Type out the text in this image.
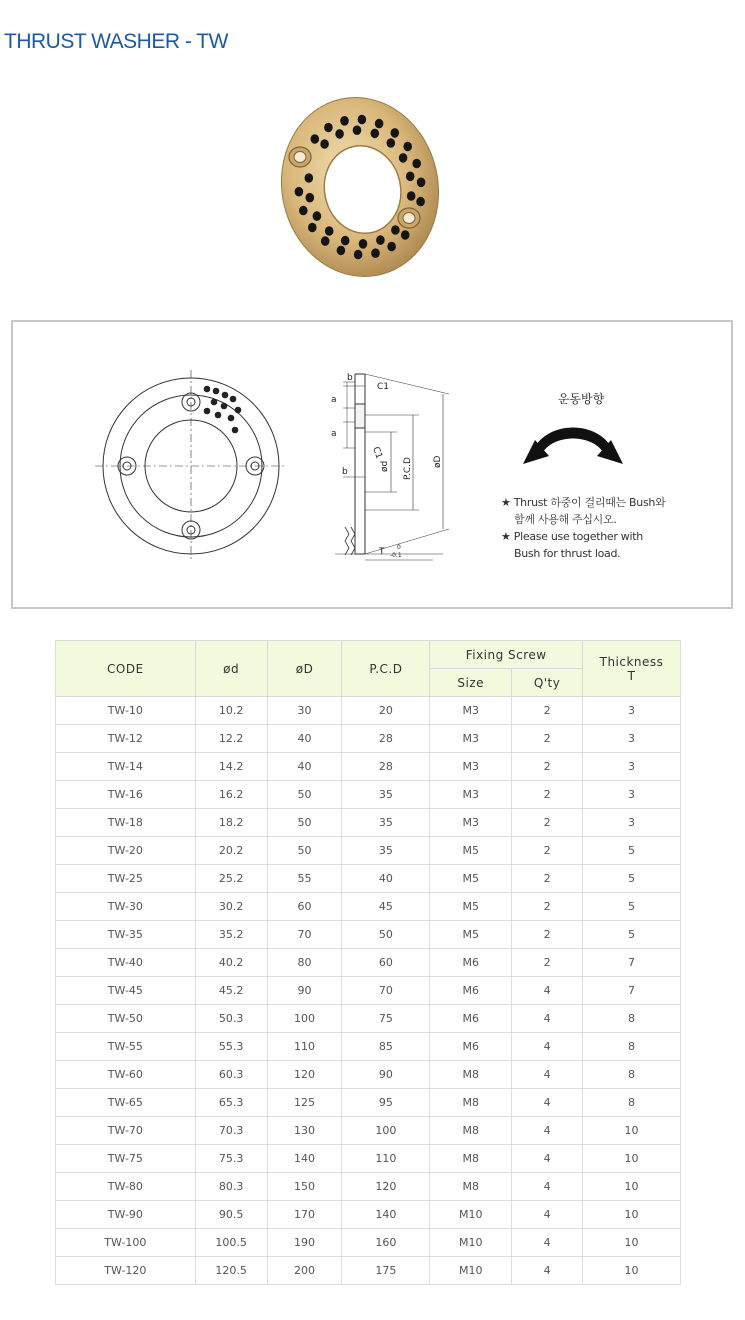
THRUST WASHER - TW
b
C1
a
a
C1
b	ød P.C.D øD
T 0
-0.1
운동방향
★ Thrust 하중이 걸리때는 Bush와
함께 사용해 주십시오.
★ Please use together with
Bush for thrust load.
CODE	ød	øD	P.C.D	Fixing Screw		Thickness
T

				Size	Q'ty	
TW-10	10.2	30	20	M3	2	3
TW-12	12.2	40	28	M3	2	3
TW-14	14.2	40	28	M3	2	3
TW-16	16.2	50	35	M3	2	3
TW-18	18.2	50	35	M3	2	3
TW-20	20.2	50	35	M5	2	5
TW-25	25.2	55	40	M5	2	5
TW-30	30.2	60	45	M5	2	5
TW-35	35.2	70	50	M5	2	5
TW-40	40.2	80	60	M6	2	7
TW-45	45.2	90	70	M6	4	7
TW-50	50.3	100	75	M6	4	8
TW-55	55.3	110	85	M6	4	8
TW-60	60.3	120	90	M8	4	8
TW-65	65.3	125	95	M8	4	8
TW-70	70.3	130	100	M8	4	10
TW-75	75.3	140	110	M8	4	10
TW-80	80.3	150	120	M8	4	10
TW-90	90.5	170	140	M10	4	10
TW-100	100.5	190	160	M10	4	10
TW-120	120.5	200	175	M10	4	10
